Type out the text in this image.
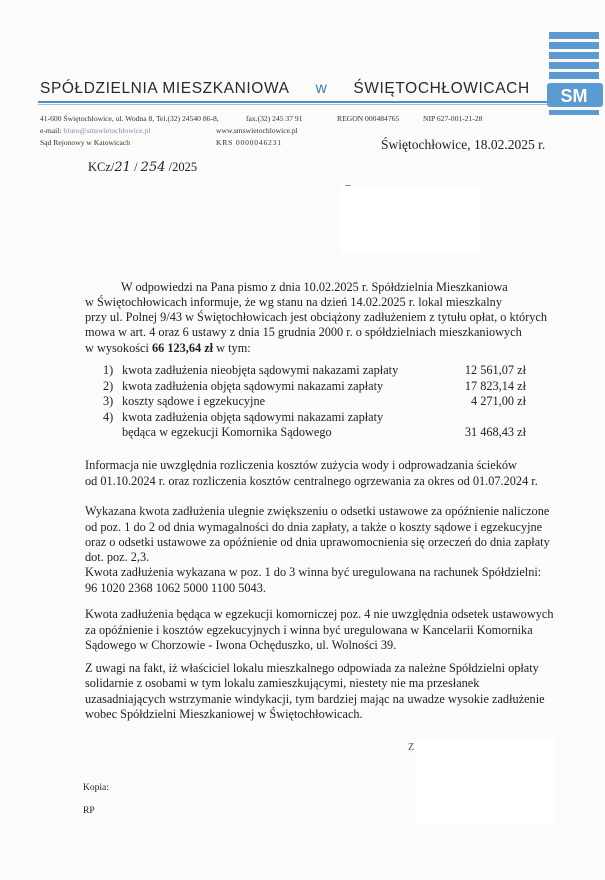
SPÓŁDZIELNIA MIESZKANIOWA w ŚWIĘTOCHŁOWICACH SM
41-600 Świętochłowice, ul. Wodna 8, Tel.(32) 24540 86-8,	fax.(32) 245 37 91	REGON 000484765	NIP 627-001-21-28
e-mail: biuro@smswietochlowice.pl	www.smswietochlowice.pl
Sąd Rejonowy w Katowicach	KRS 0000046231	Świętochłowice, 18.02.2025 r.
KCz/21 / 254 /2025
W odpowiedzi na Pana pismo z dnia 10.02.2025 r. Spółdzielnia Mieszkaniowa
w Świętochłowicach informuje, że wg stanu na dzień 14.02.2025 r. lokal mieszkalny
przy ul. Polnej 9/43 w Świętochłowicach jest obciążony zadłużeniem z tytułu opłat, o których
mowa w art. 4 oraz 6 ustawy z dnia 15 grudnia 2000 r. o spółdzielniach mieszkaniowych
w wysokości 66 123,64 zł w tym:
1) kwota zadłużenia nieobjęta sądowymi nakazami zapłaty	12 561,07 zł
2) kwota zadłużenia objęta sądowymi nakazami zapłaty	17 823,14 zł
3) koszty sądowe i egzekucyjne	4 271,00 zł
4) kwota zadłużenia objęta sądowymi nakazami zapłaty
będąca w egzekucji Komornika Sądowego	31 468,43 zł
Informacja nie uwzględnia rozliczenia kosztów zużycia wody i odprowadzania ścieków
od 01.10.2024 r. oraz rozliczenia kosztów centralnego ogrzewania za okres od 01.07.2024 r.
Wykazana kwota zadłużenia ulegnie zwiększeniu o odsetki ustawowe za opóźnienie naliczone
od poz. 1 do 2 od dnia wymagalności do dnia zapłaty, a także o koszty sądowe i egzekucyjne
oraz o odsetki ustawowe za opóźnienie od dnia uprawomocnienia się orzeczeń do dnia zapłaty
dot. poz. 2,3.
Kwota zadłużenia wykazana w poz. 1 do 3 winna być uregulowana na rachunek Spółdzielni:
96 1020 2368 1062 5000 1100 5043.
Kwota zadłużenia będąca w egzekucji komorniczej poz. 4 nie uwzględnia odsetek ustawowych
za opóźnienie i kosztów egzekucyjnych i winna być uregulowana w Kancelarii Komornika
Sądowego w Chorzowie - Iwona Ochęduszko, ul. Wolności 39.
Z uwagi na fakt, iż właściciel lokalu mieszkalnego odpowiada za należne Spółdzielni opłaty
solidarnie z osobami w tym lokalu zamieszkującymi, niestety nie ma przesłanek
uzasadniających wstrzymanie windykacji, tym bardziej mając na uwadze wysokie zadłużenie
wobec Spółdzielni Mieszkaniowej w Świętochłowicach.
Z
Kopia:
RP
